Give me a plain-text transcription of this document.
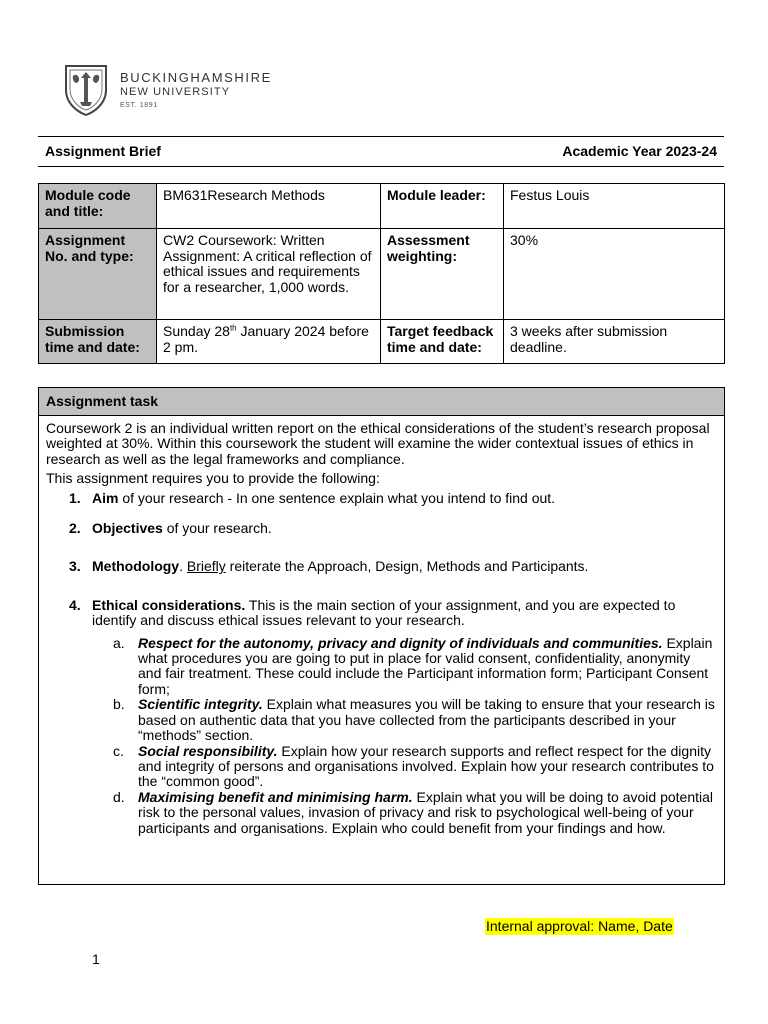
BUCKINGHAMSHIRE
NEW UNIVERSITY
EST. 1891
Assignment Brief	Academic Year 2023-24
Module code and title:	BM631Research Methods	Module leader:	Festus Louis
Assignment No. and type:	CW2 Coursework: Written Assignment: A critical reflection of ethical issues and requirements for a researcher, 1,000 words.	Assessment weighting:	30%
Submission time and date:	Sunday 28th January 2024 before 2 pm.	Target feedback time and date:	3 weeks after submission deadline.
Assignment task

Coursework 2 is an individual written report on the ethical considerations of the student’s research proposal weighted at 30%. Within this coursework the student will examine the wider contextual issues of ethics in research as well as the legal frameworks and compliance.

This assignment requires you to provide the following:

1. Aim of your research - In one sentence explain what you intend to find out.
2. Objectives of your research.
3. Methodology. Briefly reiterate the Approach, Design, Methods and Participants.
4. Ethical considerations. This is the main section of your assignment, and you are expected to identify and discuss ethical issues relevant to your research.
a. Respect for the autonomy, privacy and dignity of individuals and communities. Explain what procedures you are going to put in place for valid consent, confidentiality, anonymity and fair treatment. These could include the Participant information form; Participant Consent form;
b. Scientific integrity. Explain what measures you will be taking to ensure that your research is based on authentic data that you have collected from the participants described in your “methods” section.
c. Social responsibility. Explain how your research supports and reflect respect for the dignity and integrity of persons and organisations involved. Explain how your research contributes to the “common good”.
d. Maximising benefit and minimising harm. Explain what you will be doing to avoid potential risk to the personal values, invasion of privacy and risk to psychological well-being of your participants and organisations. Explain who could benefit from your findings and how.
Internal approval: Name, Date
1
